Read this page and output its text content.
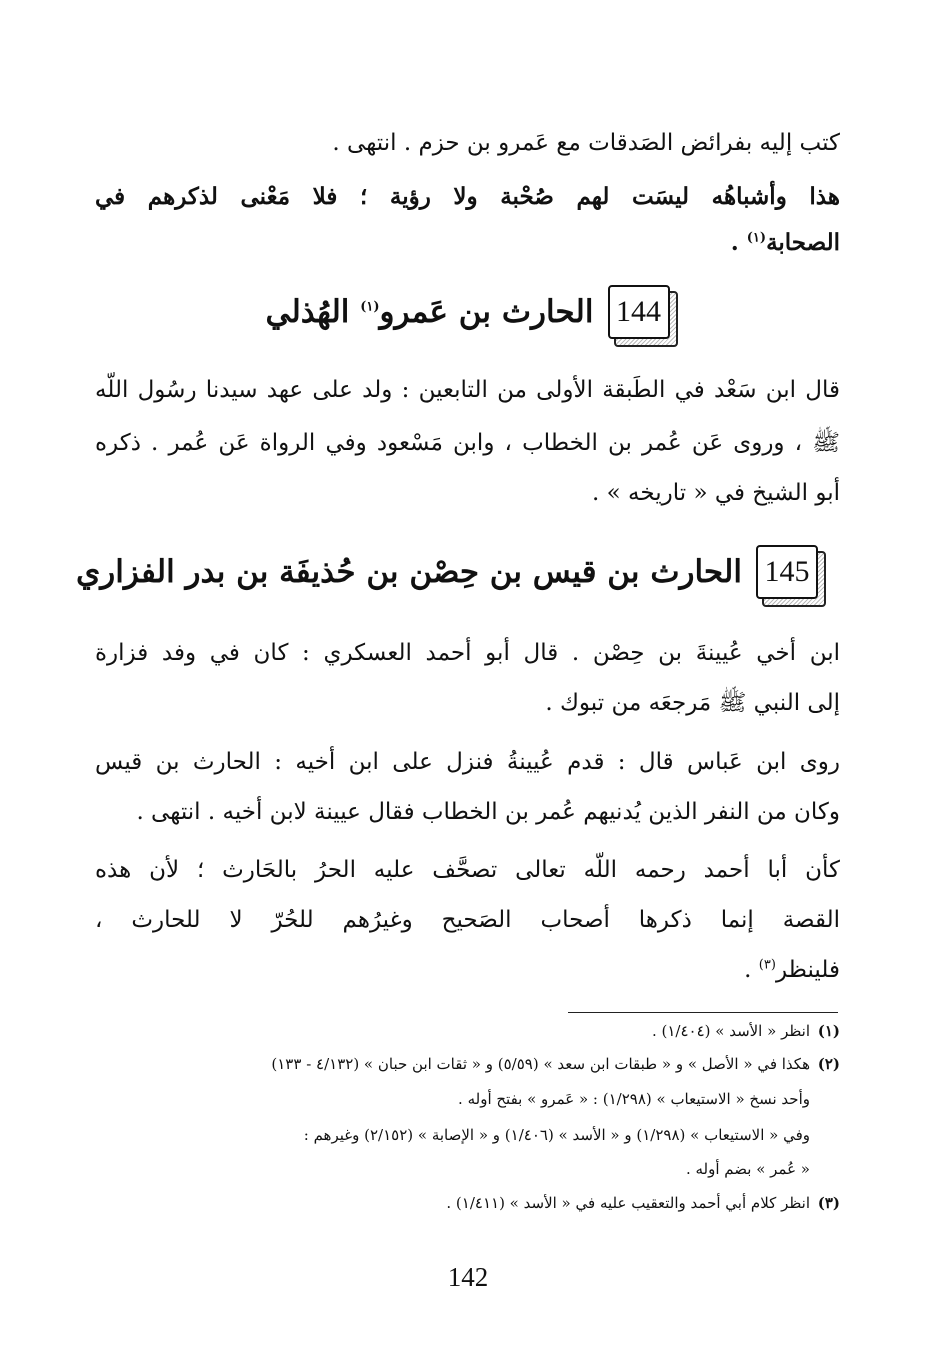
كتب إليه بفرائض الصَدقات مع عَمرو بن حزم . انتهى .
هذا وأشباهُه ليسَت لهم صُحْبة ولا رؤية ؛ فلا مَعْنى لذكرهم في
الصحابة$^{(١)}$ .
144
الحارث بن عَمرو$^{(١)}$ الهُذلي
قال ابن سَعْد في الطَبقة الأولى من التابعين : ولد على عهد سيدنا رسُول اللّه
ﷺ ، وروى عَن عُمر بن الخطاب ، وابن مَسْعود وفي الرواة عَن عُمر . ذكره
أبو الشيخ في « تاريخه » .
145
الحارث بن قيس بن حِصْن بن حُذيفَة بن بدر الفزاري
ابن أخي عُيينةَ بن حِصْن . قال أبو أحمد العسكري : كان في وفد فزارة
إلى النبي ﷺ مَرجعَه من تبوك .
روى ابن عَباس قال : قدم عُيينةُ فنزل على ابن أخيه : الحارث بن قيس
وكان من النفر الذين يُدنيهم عُمر بن الخطاب فقال عيينة لابن أخيه . انتهى .
كأن أبا أحمد رحمه اللّه تعالى تصحَّف عليه الحرُ بالحَارث ؛ لأن هذه
القصة إنما ذكرها أصحاب الصَحيح وغيرُهم للحُرّ لا للحارث ،
فلينظر$^{(٣)}$ .
(١)انظر « الأسد » (١/٤٠٤) .
(٢)هكذا في « الأصل » و « طبقات ابن سعد » (٥/٥٩) و « ثقات ابن حبان » (٤/١٣٢ - ١٣٣)
وأحد نسخ « الاستيعاب » (١/٢٩٨) : « عَمرو » بفتح أوله .
وفي « الاستيعاب » (١/٢٩٨) و « الأسد » (١/٤٠٦) و « الإصابة » (٢/١٥٢) وغيرهم :
« عُمر » بضم أوله .
(٣)انظر كلام أبي أحمد والتعقيب عليه في « الأسد » (١/٤١١) .
142
